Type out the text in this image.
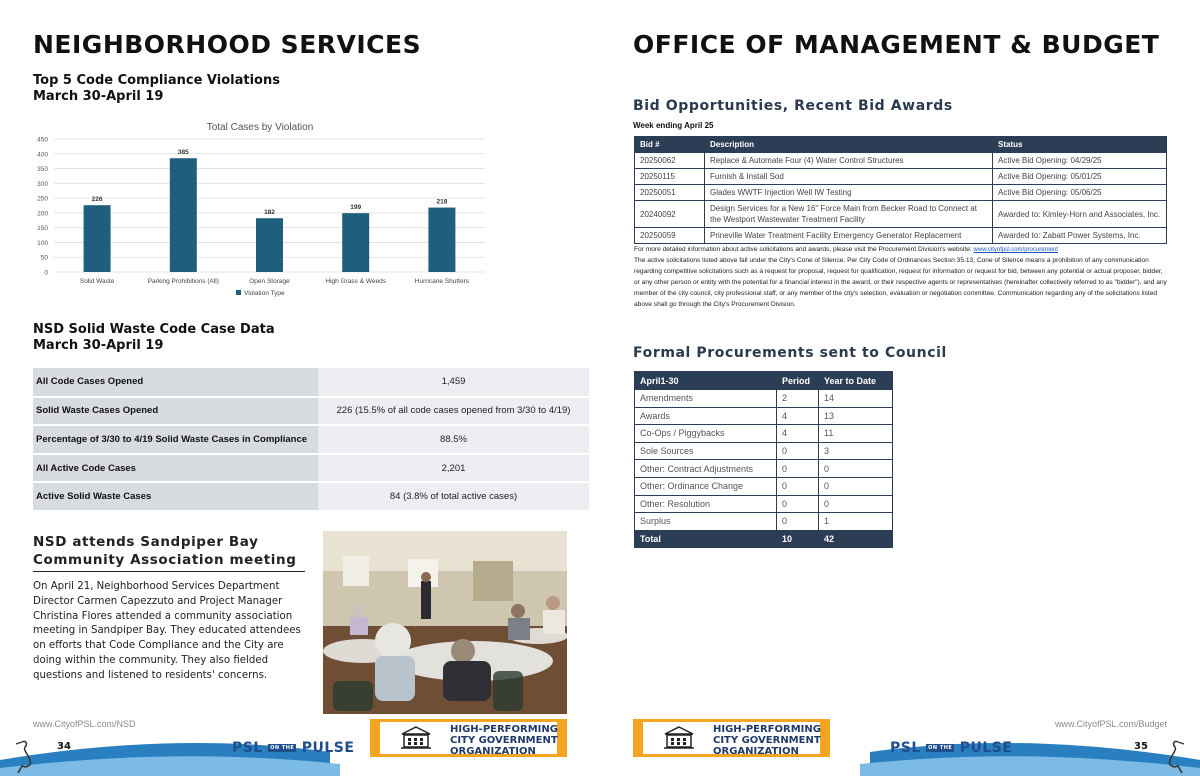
NEIGHBORHOOD SERVICES
Top 5 Code Compliance Violations
March 30-April 19
Total Cases by Violation
0
50
100
150
200
250
300
350
400
450
226
Solid Waste
385
Parking Prohibitions (All)
182
Open Storage
199
High Grass & Weeds
218
Hurricane Shutters
Violation Type
NSD Solid Waste Code Case Data
March 30-April 19
All Code Cases Opened	1,459
Solid Waste Cases Opened	226 (15.5% of all code cases opened from 3/30 to 4/19)
Percentage of 3/30 to 4/19 Solid Waste Cases in Compliance	88.5%
All Active Code Cases	2,201
Active Solid Waste Cases	84 (3.8% of total active cases)
NSD attends Sandpiper Bay
Community Association meeting
On April 21, Neighborhood Services Department Director Carmen Capezzuto and Project Manager Christina Flores attended a community association meeting in Sandpiper Bay. They educated attendees on efforts that Code Compliance and the City are doing within the community. They also fielded questions and listened to residents' concerns.
www.CityofPSL.com/NSD
OFFICE OF MANAGEMENT & BUDGET
Bid Opportunities, Recent Bid Awards
Week ending April 25
Bid #	Description	Status
20250062	Replace & Automate Four (4) Water Control Structures	Active Bid Opening: 04/29/25
20250115	Furnish & Install Sod	Active Bid Opening: 05/01/25
20250051	Glades WWTF Injection Well IW Testing	Active Bid Opening: 05/06/25
20240092	Design Services for a New 16" Force Main from Becker Road to Connect at the Westport Wastewater Treatment Facility	Awarded to: Kimley-Horn and Associates, Inc.
20250059	Prineville Water Treatment Facility Emergency Generator Replacement	Awarded to: Zabatt Power Systems, Inc.
For more detailed information about active solicitations and awards, please visit the Procurement Division's website: www.cityofpsl.com/procurement
The active solicitations listed above fall under the City's Cone of Silence. Per City Code of Ordinances Section 35.13, Cone of Silence means a prohibition of any communication regarding competitive solicitations such as a request for proposal, request for qualification, request for information or request for bid, between any potential or actual proposer, bidder, or any other person or entity with the potential for a financial interest in the award, or their respective agents or representatives (hereinafter collectively referred to as "bidder"), and any member of the city council, city professional staff, or any member of the city's selection, evaluation or negotiation committee. Communication regarding any of the solicitations listed above shall go through the City's Procurement Division.
Formal Procurements sent to Council
April1-30	Period	Year to Date
Amendments	2	14
Awards	4	13
Co-Ops / Piggybacks	4	11
Sole Sources	0	3
Other: Contract Adjustments	0	0
Other: Ordinance Change	0	0
Other: Resolution	0	0
Surplus	0	1
Total	10	42
www.CityofPSL.com/Budget
34	35
PSL ON THE PULSE	PSL ON THE PULSE
HIGH-PERFORMING
CITY GOVERNMENT
ORGANIZATION
HIGH-PERFORMING
CITY GOVERNMENT
ORGANIZATION
